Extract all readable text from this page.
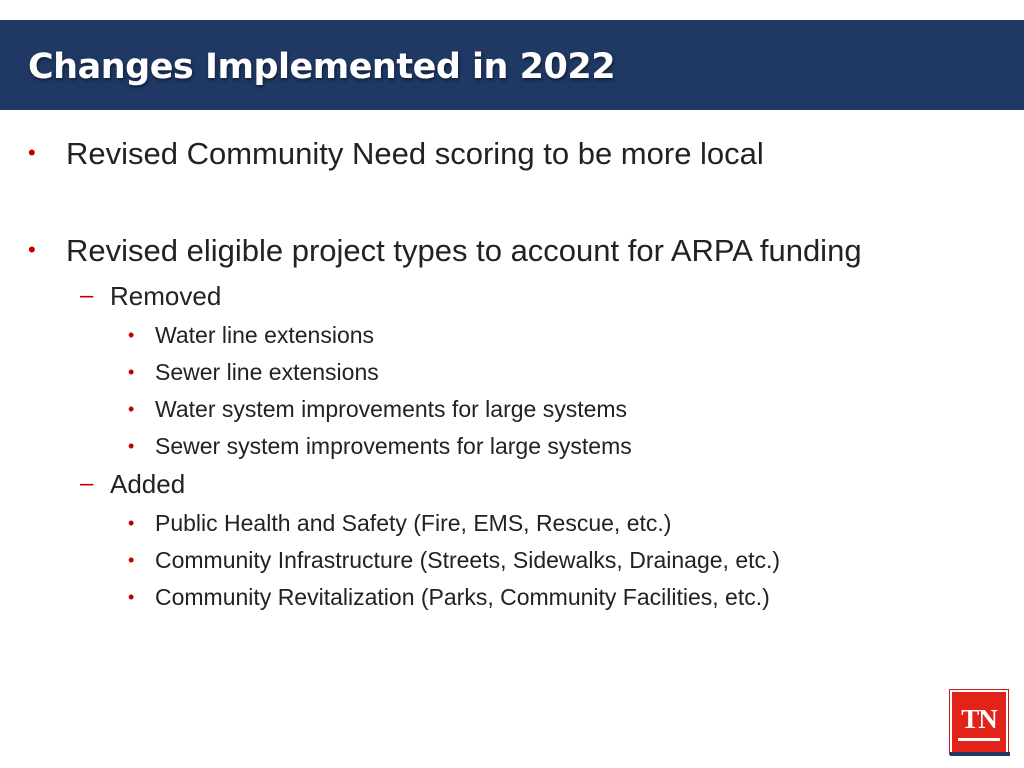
Changes Implemented in 2022
• Revised Community Need scoring to be more local
• Revised eligible project types to account for ARPA funding
– Removed
• Water line extensions
• Sewer line extensions
• Water system improvements for large systems
• Sewer system improvements for large systems
– Added
• Public Health and Safety (Fire, EMS, Rescue, etc.)
• Community Infrastructure (Streets, Sidewalks, Drainage, etc.)
• Community Revitalization (Parks, Community Facilities, etc.)
TN
